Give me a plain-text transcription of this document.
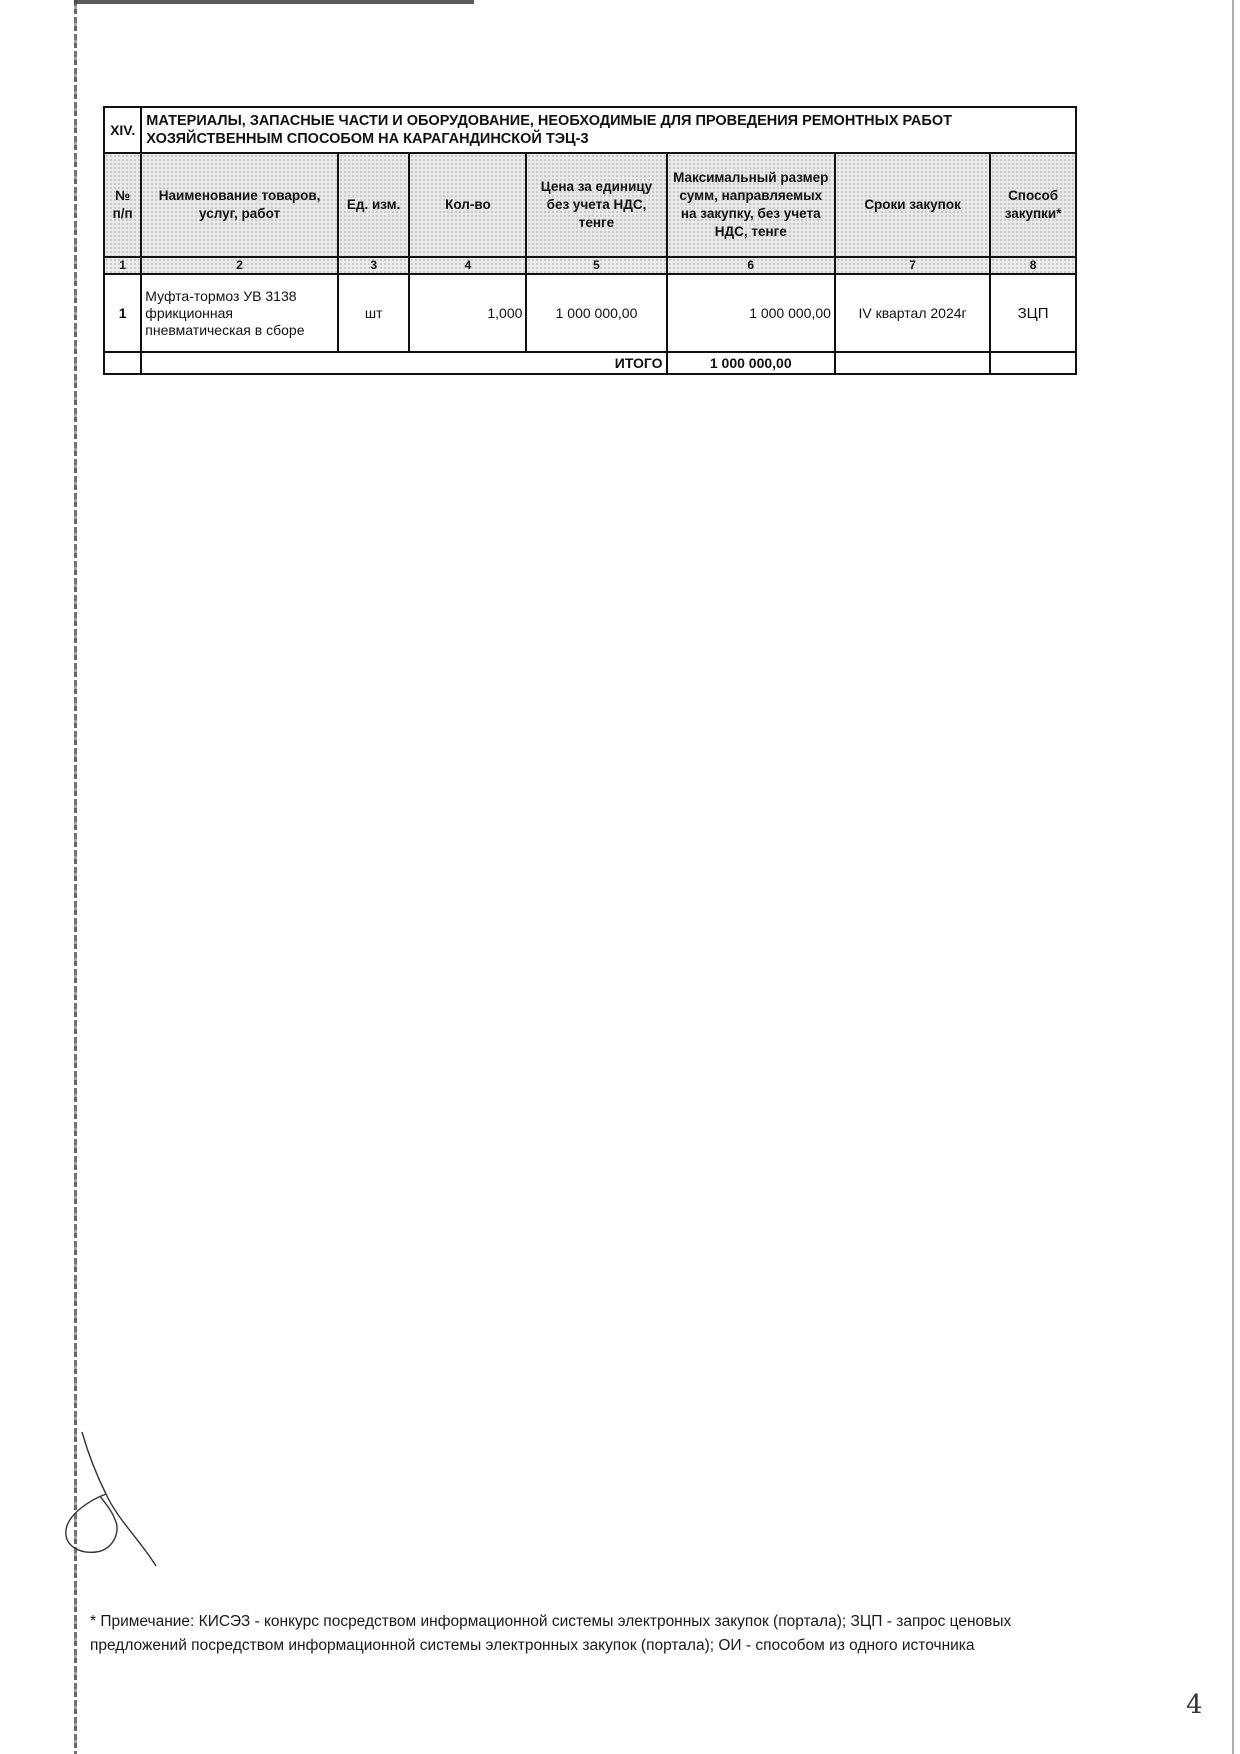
XIV.	МАТЕРИАЛЫ, ЗАПАСНЫЕ ЧАСТИ И ОБОРУДОВАНИЕ, НЕОБХОДИМЫЕ ДЛЯ ПРОВЕДЕНИЯ РЕМОНТНЫХ РАБОТ ХОЗЯЙСТВЕННЫМ СПОСОБОМ НА КАРАГАНДИНСКОЙ ТЭЦ-3						
№ п/п	Наименование товаров, услуг, работ	Ед. изм.	Кол-во	Цена за единицу без учета НДС, тенге	Максимальный размер сумм, направляемых на закупку, без учета НДС, тенге	Сроки закупок	Способ закупки*
1	2	3	4	5	6	7	8
1	Муфта-тормоз УВ 3138 фрикционная пневматическая в сборе	шт	1,000	1 000 000,00	1 000 000,00	IV квартал 2024г	ЗЦП
	ИТОГО				1 000 000,00		
* Примечание: КИСЭЗ - конкурс посредством информационной системы электронных закупок (портала); ЗЦП - запрос ценовых предложений посредством информационной системы электронных закупок (портала); ОИ - способом из одного источника
4
